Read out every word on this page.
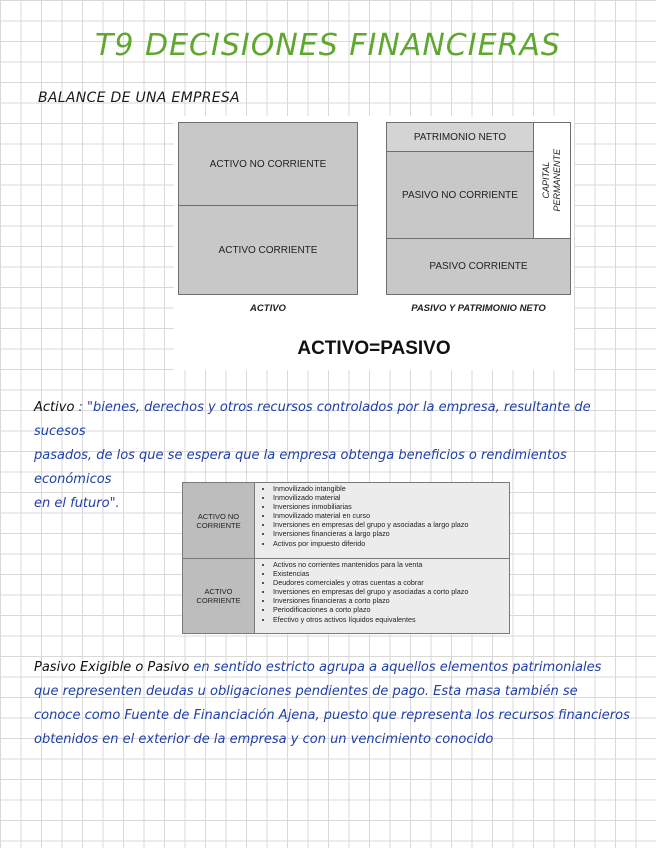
T9 DECISIONES FINANCIERAS
BALANCE DE UNA EMPRESA
ACTIVO NO CORRIENTE
ACTIVO CORRIENTE
PATRIMONIO NETO
PASIVO NO CORRIENTE	CAPITAL
PERMANENTE
PASIVO CORRIENTE
ACTIVO	PASIVO Y PATRIMONIO NETO
ACTIVO=PASIVO
Activo : "bienes, derechos y otros recursos controlados por la empresa, resultante de sucesos
pasados, de los que se espera que la empresa obtenga beneficios o rendimientos económicos
en el futuro".
ACTIVO NO
CORRIENTE
• Inmovilizado intangible
• Inmovilizado material
• Inversiones inmobiliarias
• Inmovilizado material en curso
• Inversiones en empresas del grupo y asociadas a largo plazo
• Inversiones financieras a largo plazo
• Activos por impuesto diferido
ACTIVO
CORRIENTE
• Activos no corrientes mantenidos para la venta
• Existencias
• Deudores comerciales y otras cuentas a cobrar
• Inversiones en empresas del grupo y asociadas a corto plazo
• Inversiones financieras a corto plazo
• Periodificaciones a corto plazo
• Efectivo y otros activos líquidos equivalentes
Pasivo Exigible o Pasivo en sentido estricto agrupa a aquellos elementos patrimoniales
que representen deudas u obligaciones pendientes de pago. Esta masa también se
conoce como Fuente de Financiación Ajena, puesto que representa los recursos financieros
obtenidos en el exterior de la empresa y con un vencimiento conocido
